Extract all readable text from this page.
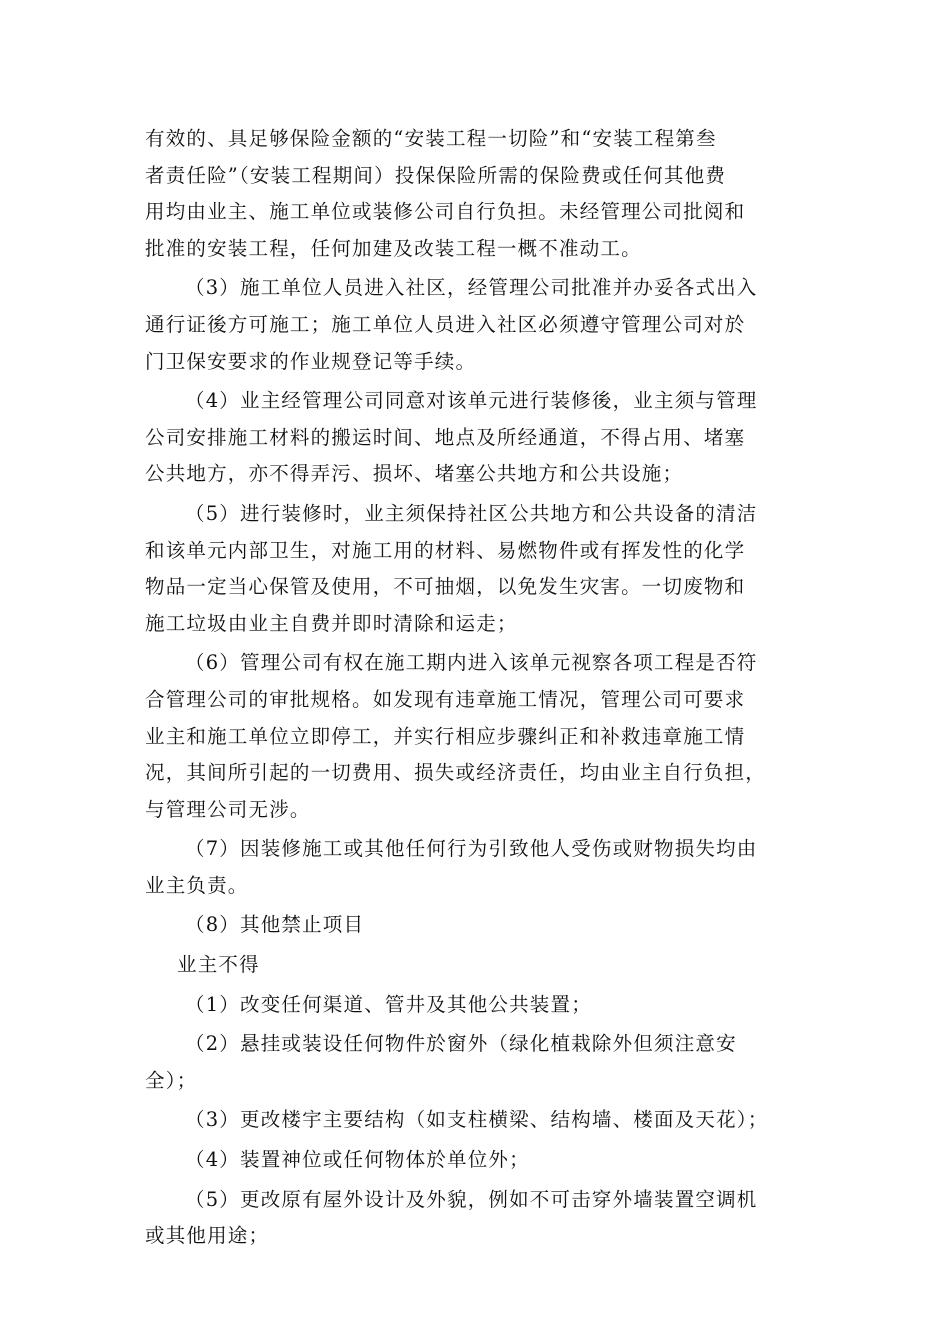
有效的、具足够保险金额的“安装工程一切险”和“安装工程第叁
者责任险”（安装工程期间）投保保险所需的保险费或任何其他费
用均由业主、施工单位或装修公司自行负担。未经管理公司批阅和
批准的安装工程，任何加建及改装工程一概不准动工。
（3）施工单位人员进入社区，经管理公司批准并办妥各式出入
通行证後方可施工；施工单位人员进入社区必须遵守管理公司对於
门卫保安要求的作业规登记等手续。
（4）业主经管理公司同意对该单元进行装修後，业主须与管理
公司安排施工材料的搬运时间、地点及所经通道，不得占用、堵塞
公共地方，亦不得弄污、损坏、堵塞公共地方和公共设施；
（5）进行装修时，业主须保持社区公共地方和公共设备的清洁
和该单元内部卫生，对施工用的材料、易燃物件或有挥发性的化学
物品一定当心保管及使用，不可抽烟，以免发生灾害。一切废物和
施工垃圾由业主自费并即时清除和运走；
（6）管理公司有权在施工期内进入该单元视察各项工程是否符
合管理公司的审批规格。如发现有违章施工情况，管理公司可要求
业主和施工单位立即停工，并实行相应步骤纠正和补救违章施工情
况，其间所引起的一切费用、损失或经济责任，均由业主自行负担，
与管理公司无涉。
（7）因装修施工或其他任何行为引致他人受伤或财物损失均由
业主负责。
（8）其他禁止项目
业主不得
（1）改变任何渠道、管井及其他公共装置；
（2）悬挂或装设任何物件於窗外（绿化植栽除外但须注意安
全）；
（3）更改楼宇主要结构（如支柱横梁、结构墙、楼面及天花）；
（4）装置神位或任何物体於单位外；
（5）更改原有屋外设计及外貌，例如不可击穿外墙装置空调机
或其他用途；
